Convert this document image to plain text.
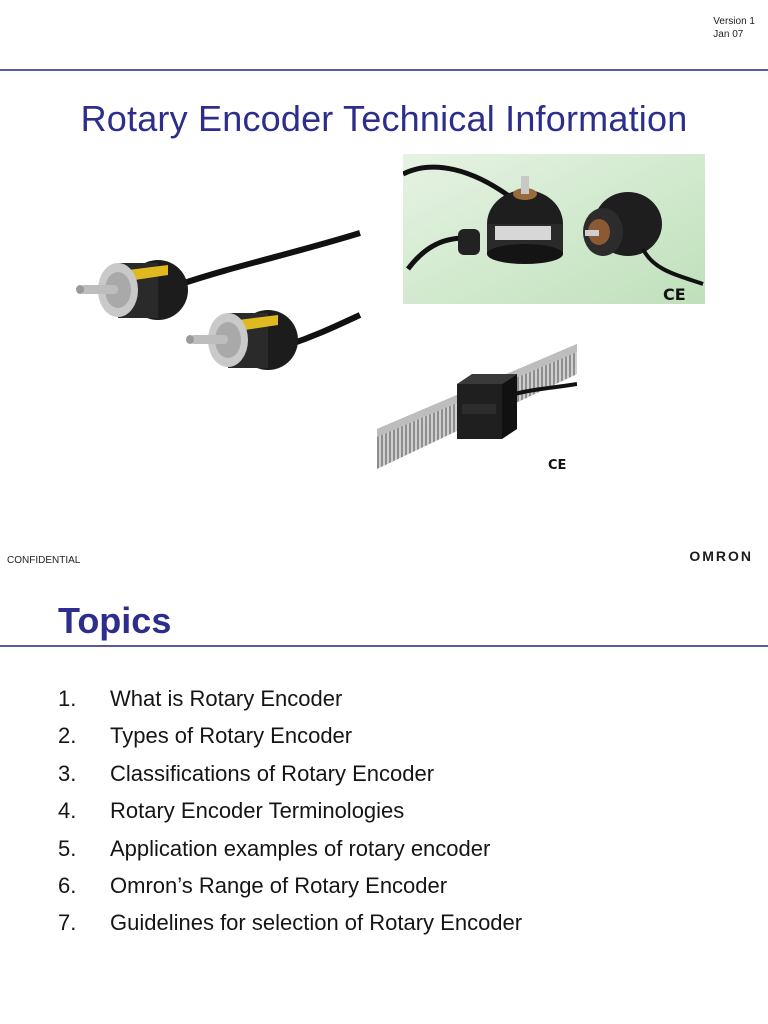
Version 1
Jan 07
Rotary Encoder Technical Information
CE
CE
CONFIDENTIAL	OMRON
Topics
1. What is Rotary Encoder
2. Types of Rotary Encoder
3. Classifications of Rotary Encoder
4. Rotary Encoder Terminologies
5. Application examples of rotary encoder
6. Omron’s Range of Rotary Encoder
7. Guidelines for selection of Rotary Encoder
